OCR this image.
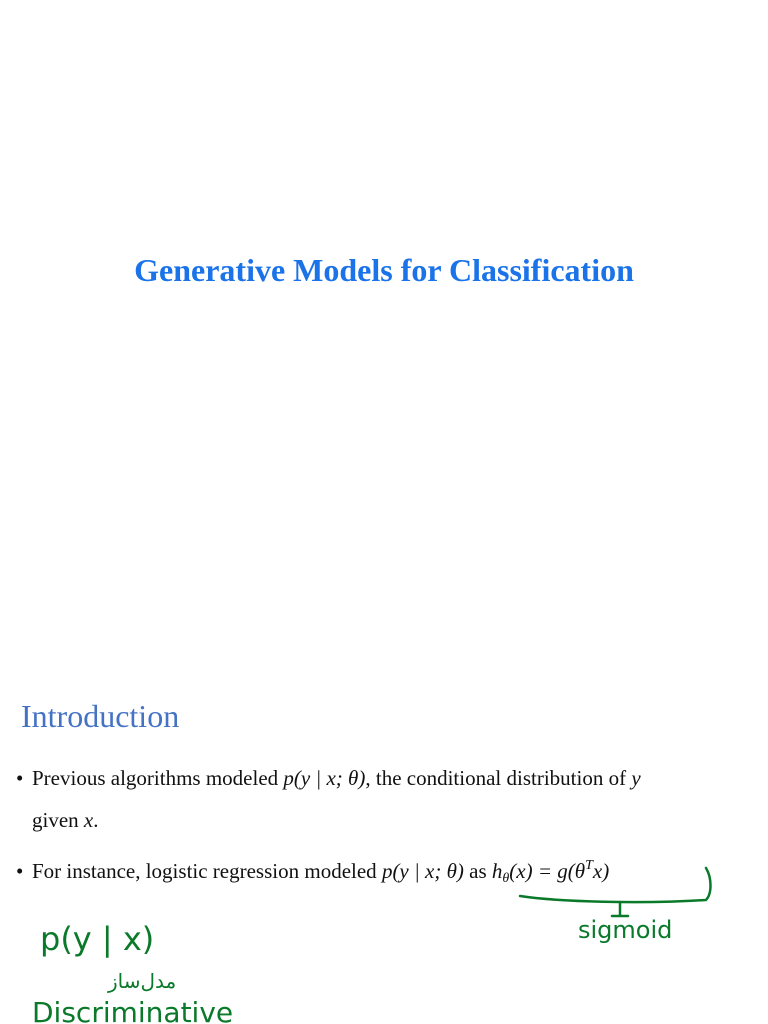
Generative Models for Classification
Introduction
• Previous algorithms modeled p(y | x; θ), the conditional distribution of y
given x.
• For instance, logistic regression modeled p(y | x; θ) as $h_\theta(x) = g(\theta^Tx)$
sigmoid
p(y | x)
مدل‌ساز
Discriminative
